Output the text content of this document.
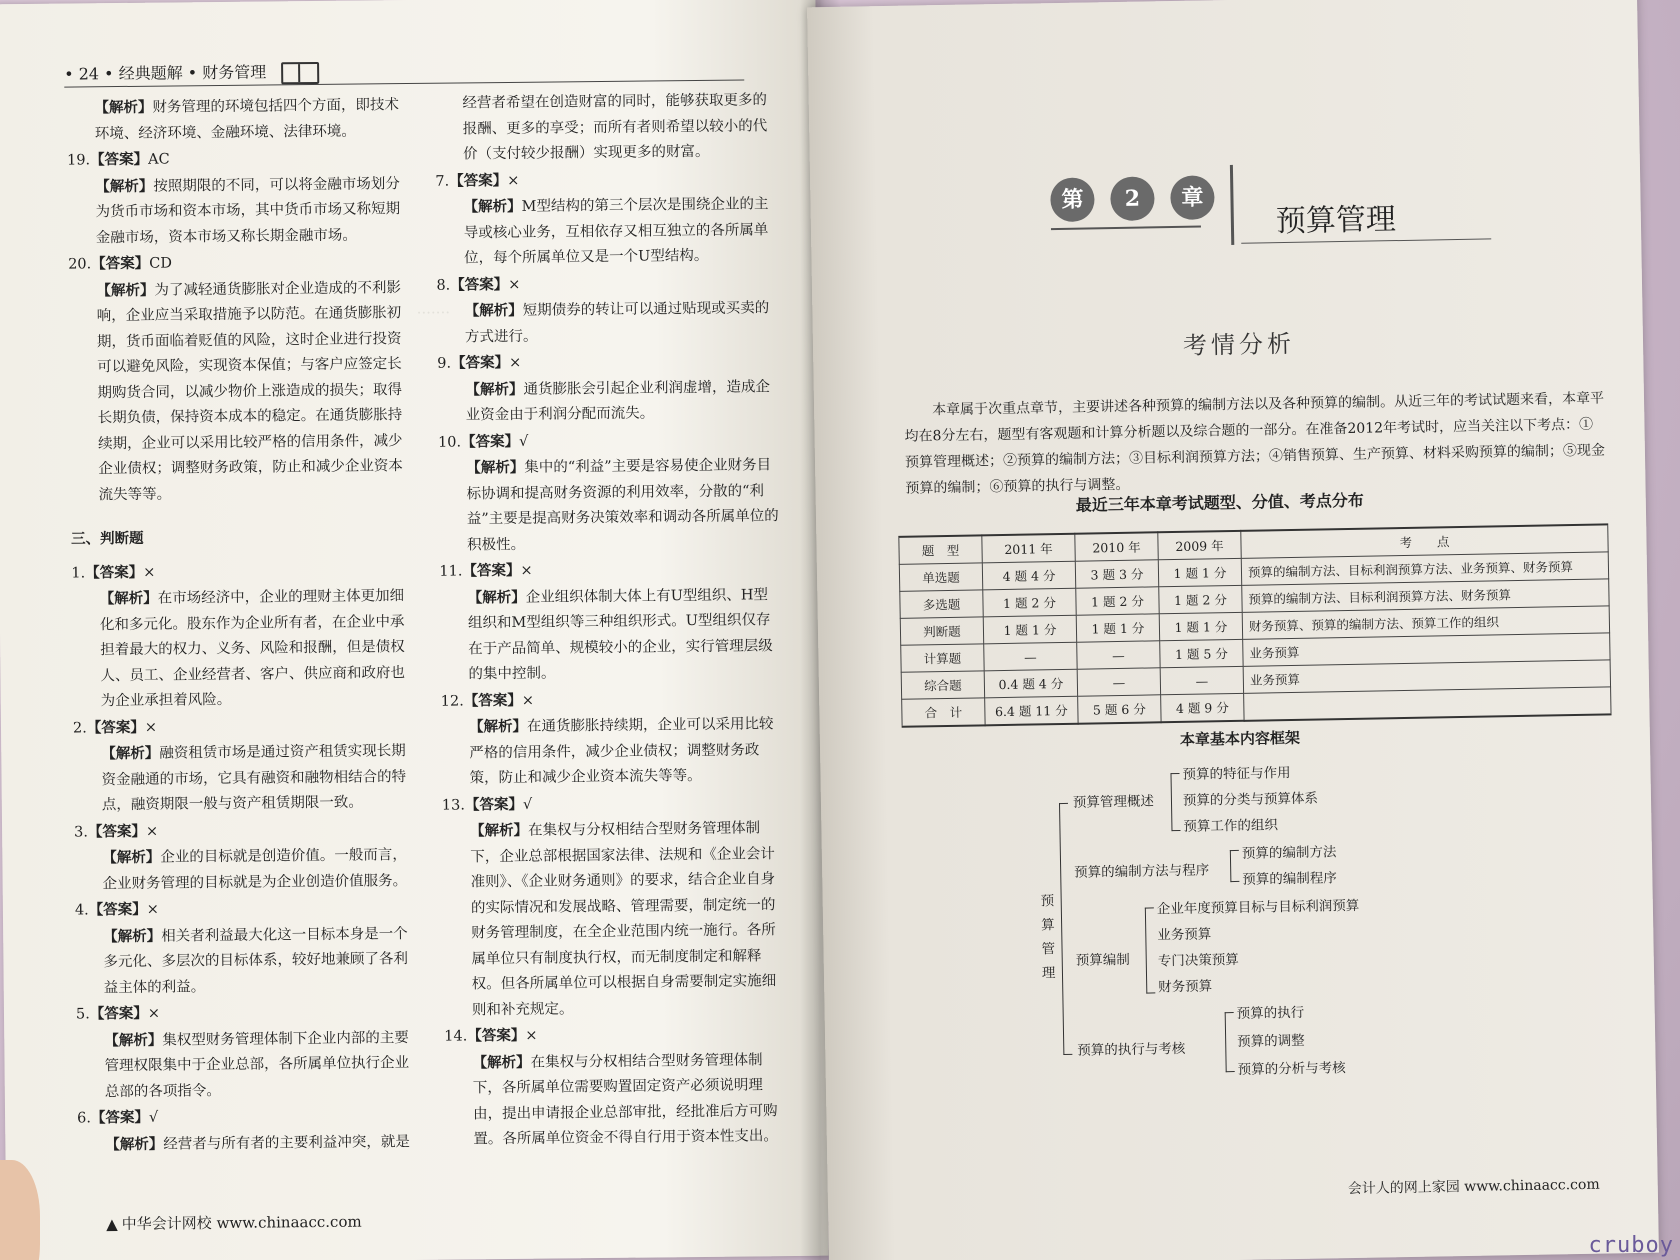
·······
• 24 • 经典题解 • 财务管理
【解析】财务管理的环境包括四个方面，即技术环境、经济环境、金融环境、法律环境。
19.【答案】AC
【解析】按照期限的不同，可以将金融市场划分为货币市场和资本市场，其中货币市场又称短期金融市场，资本市场又称长期金融市场。
20.【答案】CD
【解析】为了减轻通货膨胀对企业造成的不利影响，企业应当采取措施予以防范。在通货膨胀初期，货币面临着贬值的风险，这时企业进行投资可以避免风险，实现资本保值；与客户应签定长期购货合同，以减少物价上涨造成的损失；取得长期负债，保持资本成本的稳定。在通货膨胀持续期，企业可以采用比较严格的信用条件，减少企业债权；调整财务政策，防止和减少企业资本流失等等。
三、判断题
1.【答案】×
【解析】在市场经济中，企业的理财主体更加细化和多元化。股东作为企业所有者，在企业中承担着最大的权力、义务、风险和报酬，但是债权人、员工、企业经营者、客户、供应商和政府也为企业承担着风险。
2.【答案】×
【解析】融资租赁市场是通过资产租赁实现长期资金融通的市场，它具有融资和融物相结合的特点，融资期限一般与资产租赁期限一致。
3.【答案】×
【解析】企业的目标就是创造价值。一般而言，企业财务管理的目标就是为企业创造价值服务。
4.【答案】×
【解析】相关者利益最大化这一目标本身是一个多元化、多层次的目标体系，较好地兼顾了各利益主体的利益。
5.【答案】×
【解析】集权型财务管理体制下企业内部的主要管理权限集中于企业总部，各所属单位执行企业总部的各项指令。
6.【答案】√
【解析】经营者与所有者的主要利益冲突，就是
经营者希望在创造财富的同时，能够获取更多的报酬、更多的享受；而所有者则希望以较小的代价（支付较少报酬）实现更多的财富。
7.【答案】×
【解析】M型结构的第三个层次是围绕企业的主导或核心业务，互相依存又相互独立的各所属单位，每个所属单位又是一个U型结构。
8.【答案】×
【解析】短期债券的转让可以通过贴现或买卖的方式进行。
9.【答案】×
【解析】通货膨胀会引起企业利润虚增，造成企业资金由于利润分配而流失。
10.【答案】√
【解析】集中的“利益”主要是容易使企业财务目标协调和提高财务资源的利用效率，分散的“利益”主要是提高财务决策效率和调动各所属单位的积极性。
11.【答案】×
【解析】企业组织体制大体上有U型组织、H型组织和M型组织等三种组织形式。U型组织仅存在于产品简单、规模较小的企业，实行管理层级的集中控制。
12.【答案】×
【解析】在通货膨胀持续期，企业可以采用比较严格的信用条件，减少企业债权；调整财务政策，防止和减少企业资本流失等等。
13.【答案】√
【解析】在集权与分权相结合型财务管理体制下，企业总部根据国家法律、法规和《企业会计准则》、《企业财务通则》的要求，结合企业自身的实际情况和发展战略、管理需要，制定统一的财务管理制度，在全企业范围内统一施行。各所属单位只有制度执行权，而无制度制定和解释权。但各所属单位可以根据自身需要制定实施细则和补充规定。
14.【答案】×
【解析】在集权与分权相结合型财务管理体制下，各所属单位需要购置固定资产必须说明理由，提出申请报企业总部审批，经批准后方可购置。各所属单位资金不得自行用于资本性支出。
▲ 中华会计网校 www.chinaacc.com
第	2	章
预算管理
考情分析
本章属于次重点章节，主要讲述各种预算的编制方法以及各种预算的编制。从近三年的考试试题来看，本章平均在8分左右，题型有客观题和计算分析题以及综合题的一部分。在准备2012年考试时，应当关注以下考点：①预算管理概述；②预算的编制方法；③目标利润预算方法；④销售预算、生产预算、材料采购预算的编制；⑤现金预算的编制；⑥预算的执行与调整。
最近三年本章考试题型、分值、考点分布
题　型	2011 年	2010 年	2009 年	考　　点
单选题	4 题 4 分	3 题 3 分	1 题 1 分	预算的编制方法、目标利润预算方法、业务预算、财务预算
多选题	1 题 2 分	1 题 2 分	1 题 2 分	预算的编制方法、目标利润预算方法、财务预算
判断题	1 题 1 分	1 题 1 分	1 题 1 分	财务预算、预算的编制方法、预算工作的组织
计算题	—	—	1 题 5 分	业务预算
综合题	0.4 题 4 分	—	—	业务预算
合　计	6.4 题 11 分	5 题 6 分	4 题 9 分	
本章基本内容框架
预算管理
预算管理概述
预算的特征与作用
预算的分类与预算体系
预算工作的组织
预算的编制方法与程序
预算的编制方法
预算的编制程序
预算编制
企业年度预算目标与目标利润预算
业务预算
专门决策预算
财务预算
预算的执行与考核
预算的执行
预算的调整
预算的分析与考核
会计人的网上家园 www.chinaacc.com
cruboy
